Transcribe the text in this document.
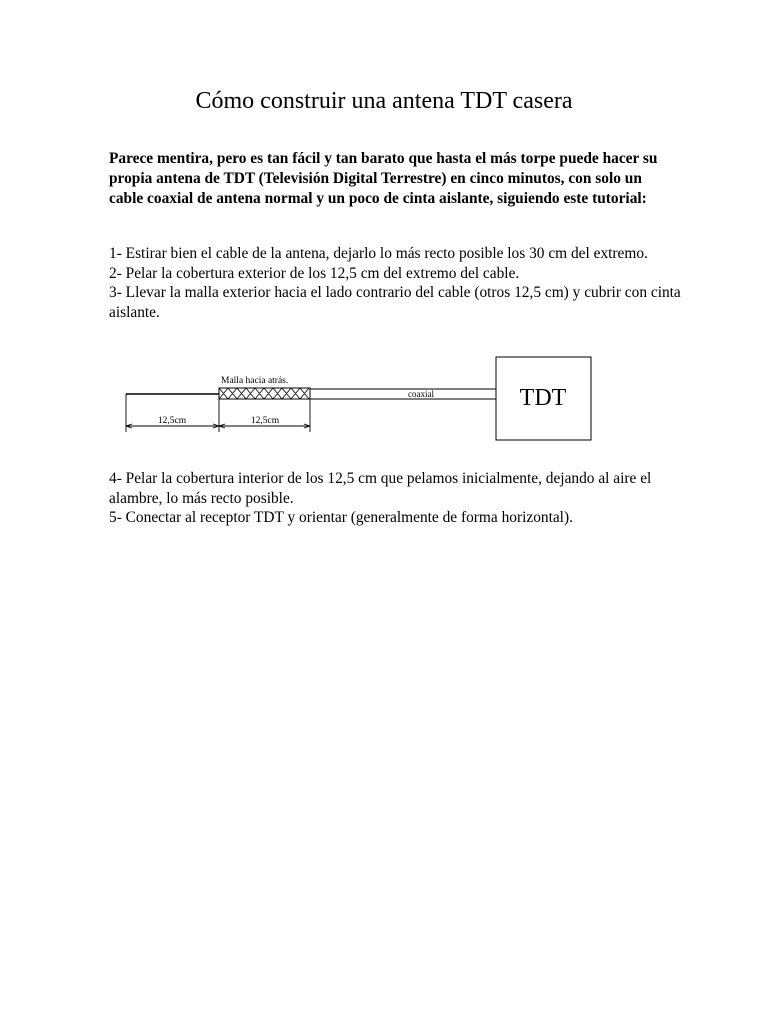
Cómo construir una antena TDT casera

Parece mentira, pero es tan fácil y tan barato que hasta el más torpe puede hacer su propia antena de TDT (Televisión Digital Terrestre) en cinco minutos, con solo un cable coaxial de antena normal y un poco de cinta aislante, siguiendo este tutorial:

1- Estirar bien el cable de la antena, dejarlo lo más recto posible los 30 cm del extremo.
2- Pelar la cobertura exterior de los 12,5 cm del extremo del cable.
3- Llevar la malla exterior hacia el lado contrario del cable (otros 12,5 cm) y cubrir con cinta aislante.
Malla hacia atrás.
coaxial	TDT
12,5cm	12,5cm
4- Pelar la cobertura interior de los 12,5 cm que pelamos inicialmente, dejando al aire el alambre, lo más recto posible.
5- Conectar al receptor TDT y orientar (generalmente de forma horizontal).
